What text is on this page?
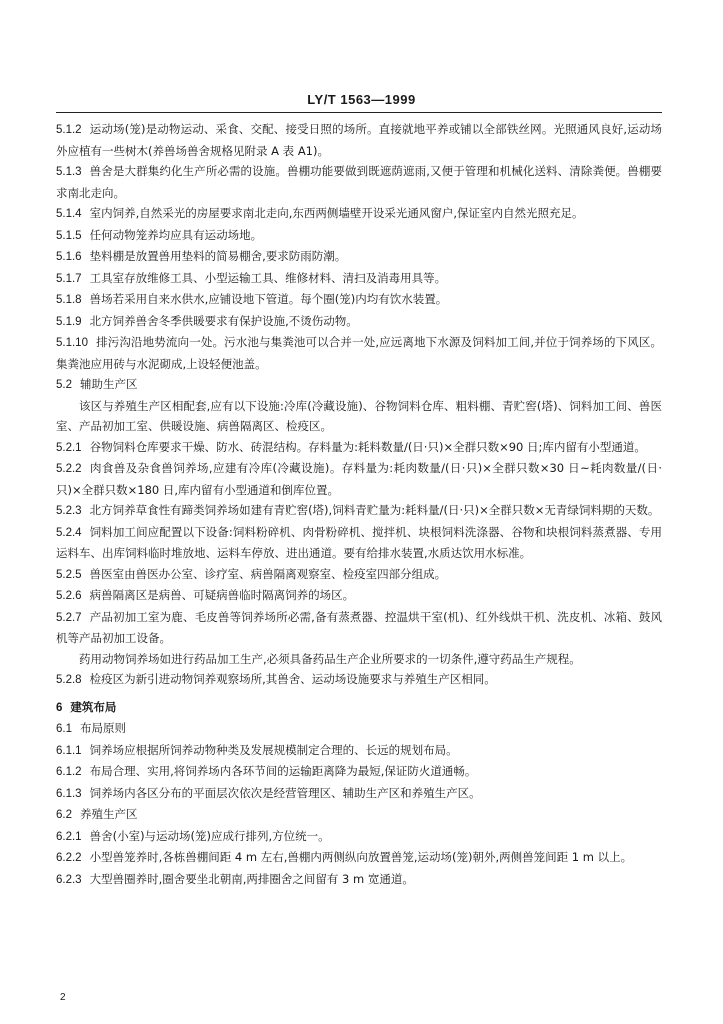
LY/T 1563—1999

5.1.2 运动场(笼)是动物运动、采食、交配、接受日照的场所。直接就地平养或铺以全部铁丝网。光照通风良好,运动场外应植有一些树木(养兽场兽舍规格见附录 A 表 A1)。

5.1.3 兽舍是大群集约化生产所必需的设施。兽棚功能要做到既遮荫遮雨,又便于管理和机械化送料、清除粪便。兽棚要求南北走向。

5.1.4 室内饲养,自然采光的房屋要求南北走向,东西两侧墙壁开设采光通风窗户,保证室内自然光照充足。

5.1.5 任何动物笼养均应具有运动场地。

5.1.6 垫料棚是放置兽用垫料的简易棚舍,要求防雨防潮。

5.1.7 工具室存放维修工具、小型运输工具、维修材料、清扫及消毒用具等。

5.1.8 兽场若采用自来水供水,应铺设地下管道。每个圈(笼)内均有饮水装置。

5.1.9 北方饲养兽舍冬季供暖要求有保护设施,不烫伤动物。

5.1.10 排污沟沿地势流向一处。污水池与集粪池可以合并一处,应远离地下水源及饲料加工间,并位于饲养场的下风区。集粪池应用砖与水泥砌成,上设轻便池盖。

5.2 辅助生产区

该区与养殖生产区相配套,应有以下设施:冷库(冷藏设施)、谷物饲料仓库、粗料棚、青贮窖(塔)、饲料加工间、兽医室、产品初加工室、供暖设施、病兽隔离区、检疫区。

5.2.1 谷物饲料仓库要求干燥、防水、砖混结构。存料量为:耗料数量/(日·只)×全群只数×90 日;库内留有小型通道。

5.2.2 肉食兽及杂食兽饲养场,应建有冷库(冷藏设施)。存料量为:耗肉数量/(日·只)×全群只数×30 日~耗肉数量/(日·只)×全群只数×180 日,库内留有小型通道和倒库位置。

5.2.3 北方饲养草食性有蹄类饲养场如建有青贮窖(塔),饲料青贮量为:耗料量/(日·只)×全群只数×无青绿饲料期的天数。

5.2.4 饲料加工间应配置以下设备:饲料粉碎机、肉骨粉碎机、搅拌机、块根饲料洗涤器、谷物和块根饲料蒸煮器、专用运料车、出库饲料临时堆放地、运料车停放、进出通道。要有给排水装置,水质达饮用水标准。

5.2.5 兽医室由兽医办公室、诊疗室、病兽隔离观察室、检疫室四部分组成。

5.2.6 病兽隔离区是病兽、可疑病兽临时隔离饲养的场区。

5.2.7 产品初加工室为鹿、毛皮兽等饲养场所必需,备有蒸煮器、控温烘干室(机)、红外线烘干机、洗皮机、冰箱、鼓风机等产品初加工设备。

药用动物饲养场如进行药品加工生产,必须具备药品生产企业所要求的一切条件,遵守药品生产规程。

5.2.8 检疫区为新引进动物饲养观察场所,其兽舍、运动场设施要求与养殖生产区相同。

6 建筑布局

6.1 布局原则

6.1.1 饲养场应根据所饲养动物种类及发展规模制定合理的、长远的规划布局。

6.1.2 布局合理、实用,将饲养场内各环节间的运输距离降为最短,保证防火道通畅。

6.1.3 饲养场内各区分布的平面层次依次是经营管理区、辅助生产区和养殖生产区。

6.2 养殖生产区

6.2.1 兽舍(小室)与运动场(笼)应成行排列,方位统一。

6.2.2 小型兽笼养时,各栋兽棚间距 4 m 左右,兽棚内两侧纵向放置兽笼,运动场(笼)朝外,两侧兽笼间距 1 m 以上。

6.2.3 大型兽圈养时,圈舍要坐北朝南,两排圈舍之间留有 3 m 宽通道。

2
